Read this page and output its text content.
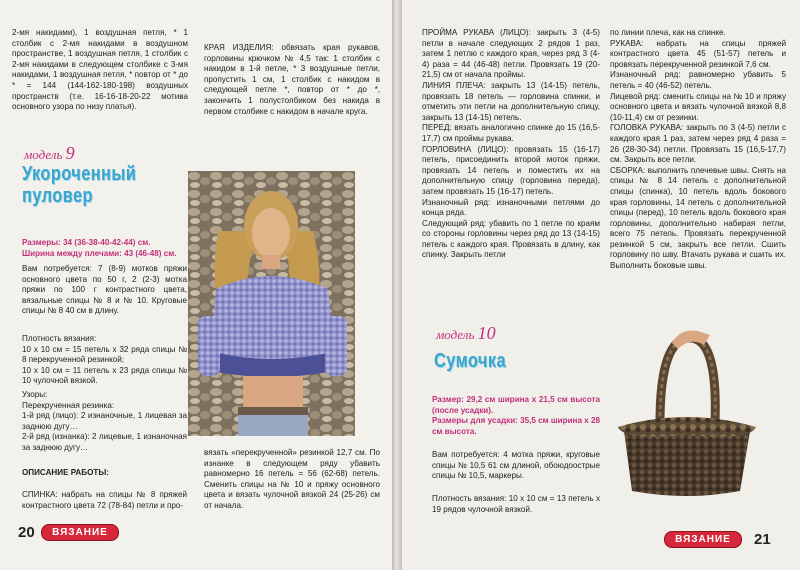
2-мя накидами), 1 воздушная петля, * 1 столбик с 2-мя накидами в воздушном пространстве, 1 воздушная петля, 1 столбик с 2-мя накидами в следующем столбике с 3-мя накидами, 1 воздушная петля, * повтор от * до * = 144 (144-162-180-198) воздушных пространств (т.е. 16-16-18-20-22 мотива основного узора по низу платья).
КРАЯ ИЗДЕЛИЯ: обвязать края рукавов, горловины крючком № 4,5 так: 1 столбик с накидом в 1-й петле, * 3 воздушные петли, пропустить 1 см, 1 столбик с накидом в следующей петле *, повтор от * до *, закончить 1 полустолбиком без накида в первом столбике с накидом в начале круга.
модель 9
Укороченный
пуловер
Размеры: 34 (36-38-40-42-44) см.
Ширина между плечами: 43 (46-48) см.
Вам потребуется: 7 (8-9) мотков пряжи основного цвета по 50 г, 2 (2-3) мотка пряжи по 100 г контрастного цвета, вязальные спицы № 8 и № 10. Круговые спицы № 8 40 см в длину.
Плотность вязания:
10 х 10 см = 15 петель х 32 ряда спицы № 8 перекрученной резинкой;
10 х 10 см = 11 петель х 23 ряда спицы № 10 чулочной вязкой.
Узоры:
Перекрученная резинка:
1-й ряд (лицо): 2 изнаночные, 1 лицевая за заднюю дугу…
2-й ряд (изнанка): 2 лицевые, 1 изнаночная за заднюю дугу…
ОПИСАНИЕ РАБОТЫ:
СПИНКА: набрать на спицы № 8 пряжей контрастного цвета 72 (78-84) петли и про-
вязать «перекрученной» резинкой 12,7 см. По изнанке в следующем ряду убавить равномерно 16 петель = 56 (62-68) петель. Сменить спицы на № 10 и пряжу основного цвета и вязать чулочной вязкой 24 (25-26) см от начала.
20	ВЯЗАНИЕ
ПРОЙМА РУКАВА (ЛИЦО): закрыть 3 (4-5) петли в начале следующих 2 рядов 1 раз, затем 1 петлю с каждого края, через ряд 3 (4-4) раза = 44 (46-48) петли. Провязать 19 (20-21,5) см от начала проймы.
ЛИНИЯ ПЛЕЧА: закрыть 13 (14-15) петель, провязать 18 петель — горловина спинки, и отметить эти петли на дополнительную спицу, закрыть 13 (14-15) петель.
ПЕРЕД: вязать аналогично спинке до 15 (16,5-17,7) см проймы рукава.
ГОРЛОВИНА (ЛИЦО): провязать 15 (16-17) петель, присоединить второй моток пряжи, провязать 14 петель и поместить их на дополнительную спицу (горловина переда), затем провязать 15 (16-17) петель.
Изнаночный ряд: изнаночными петлями до конца ряда.
Следующий ряд: убавить по 1 петле по краям со стороны горловины через ряд до 13 (14-15) петель с каждого края. Провязать в длину, как спинку. Закрыть петли
по линии плеча, как на спинке.
РУКАВА: набрать на спицы пряжей контрастного цвета 45 (51-57) петель и провязать перекрученной резинкой 7,6 см.
Изнаночный ряд: равномерно убавить 5 петель = 40 (46-52) петель.
Лицевой ряд: сменить спицы на № 10 и пряжу основного цвета и вязать чулочной вязкой 8,8 (10-11,4) см от резинки.
ГОЛОВКА РУКАВА: закрыть по 3 (4-5) петли с каждого края 1 раз, затем через ряд 4 раза = 26 (28-30-34) петли. Провязать 15 (16,5-17,7) см. Закрыть все петли.
СБОРКА: выполнить плечевые швы. Снять на спицы № 8 14 петель с дополнительной спицы (спинка), 10 петель вдоль бокового края горловины, 14 петель с дополнительной спицы (перед), 10 петель вдоль бокового края горловины, дополнительно набирая петли, всего 75 петель. Провязать перекрученной резинкой 5 см, закрыть все петли. Сшить горловину по шву. Втачать рукава и сшить их. Выполнить боковые швы.
модель 10
Сумочка
Размер: 29,2 см ширина х 21,5 см высота (после усадки).
Размеры для усадки: 35,5 см ширина х 28 см высота.
Вам потребуется: 4 мотка пряжи, круговые спицы № 10,5 61 см длиной, обоюдоострые спицы № 10,5, маркеры.
Плотность вязания: 10 х 10 см = 13 петель х 19 рядов чулочной вязкой.
ВЯЗАНИЕ	21
